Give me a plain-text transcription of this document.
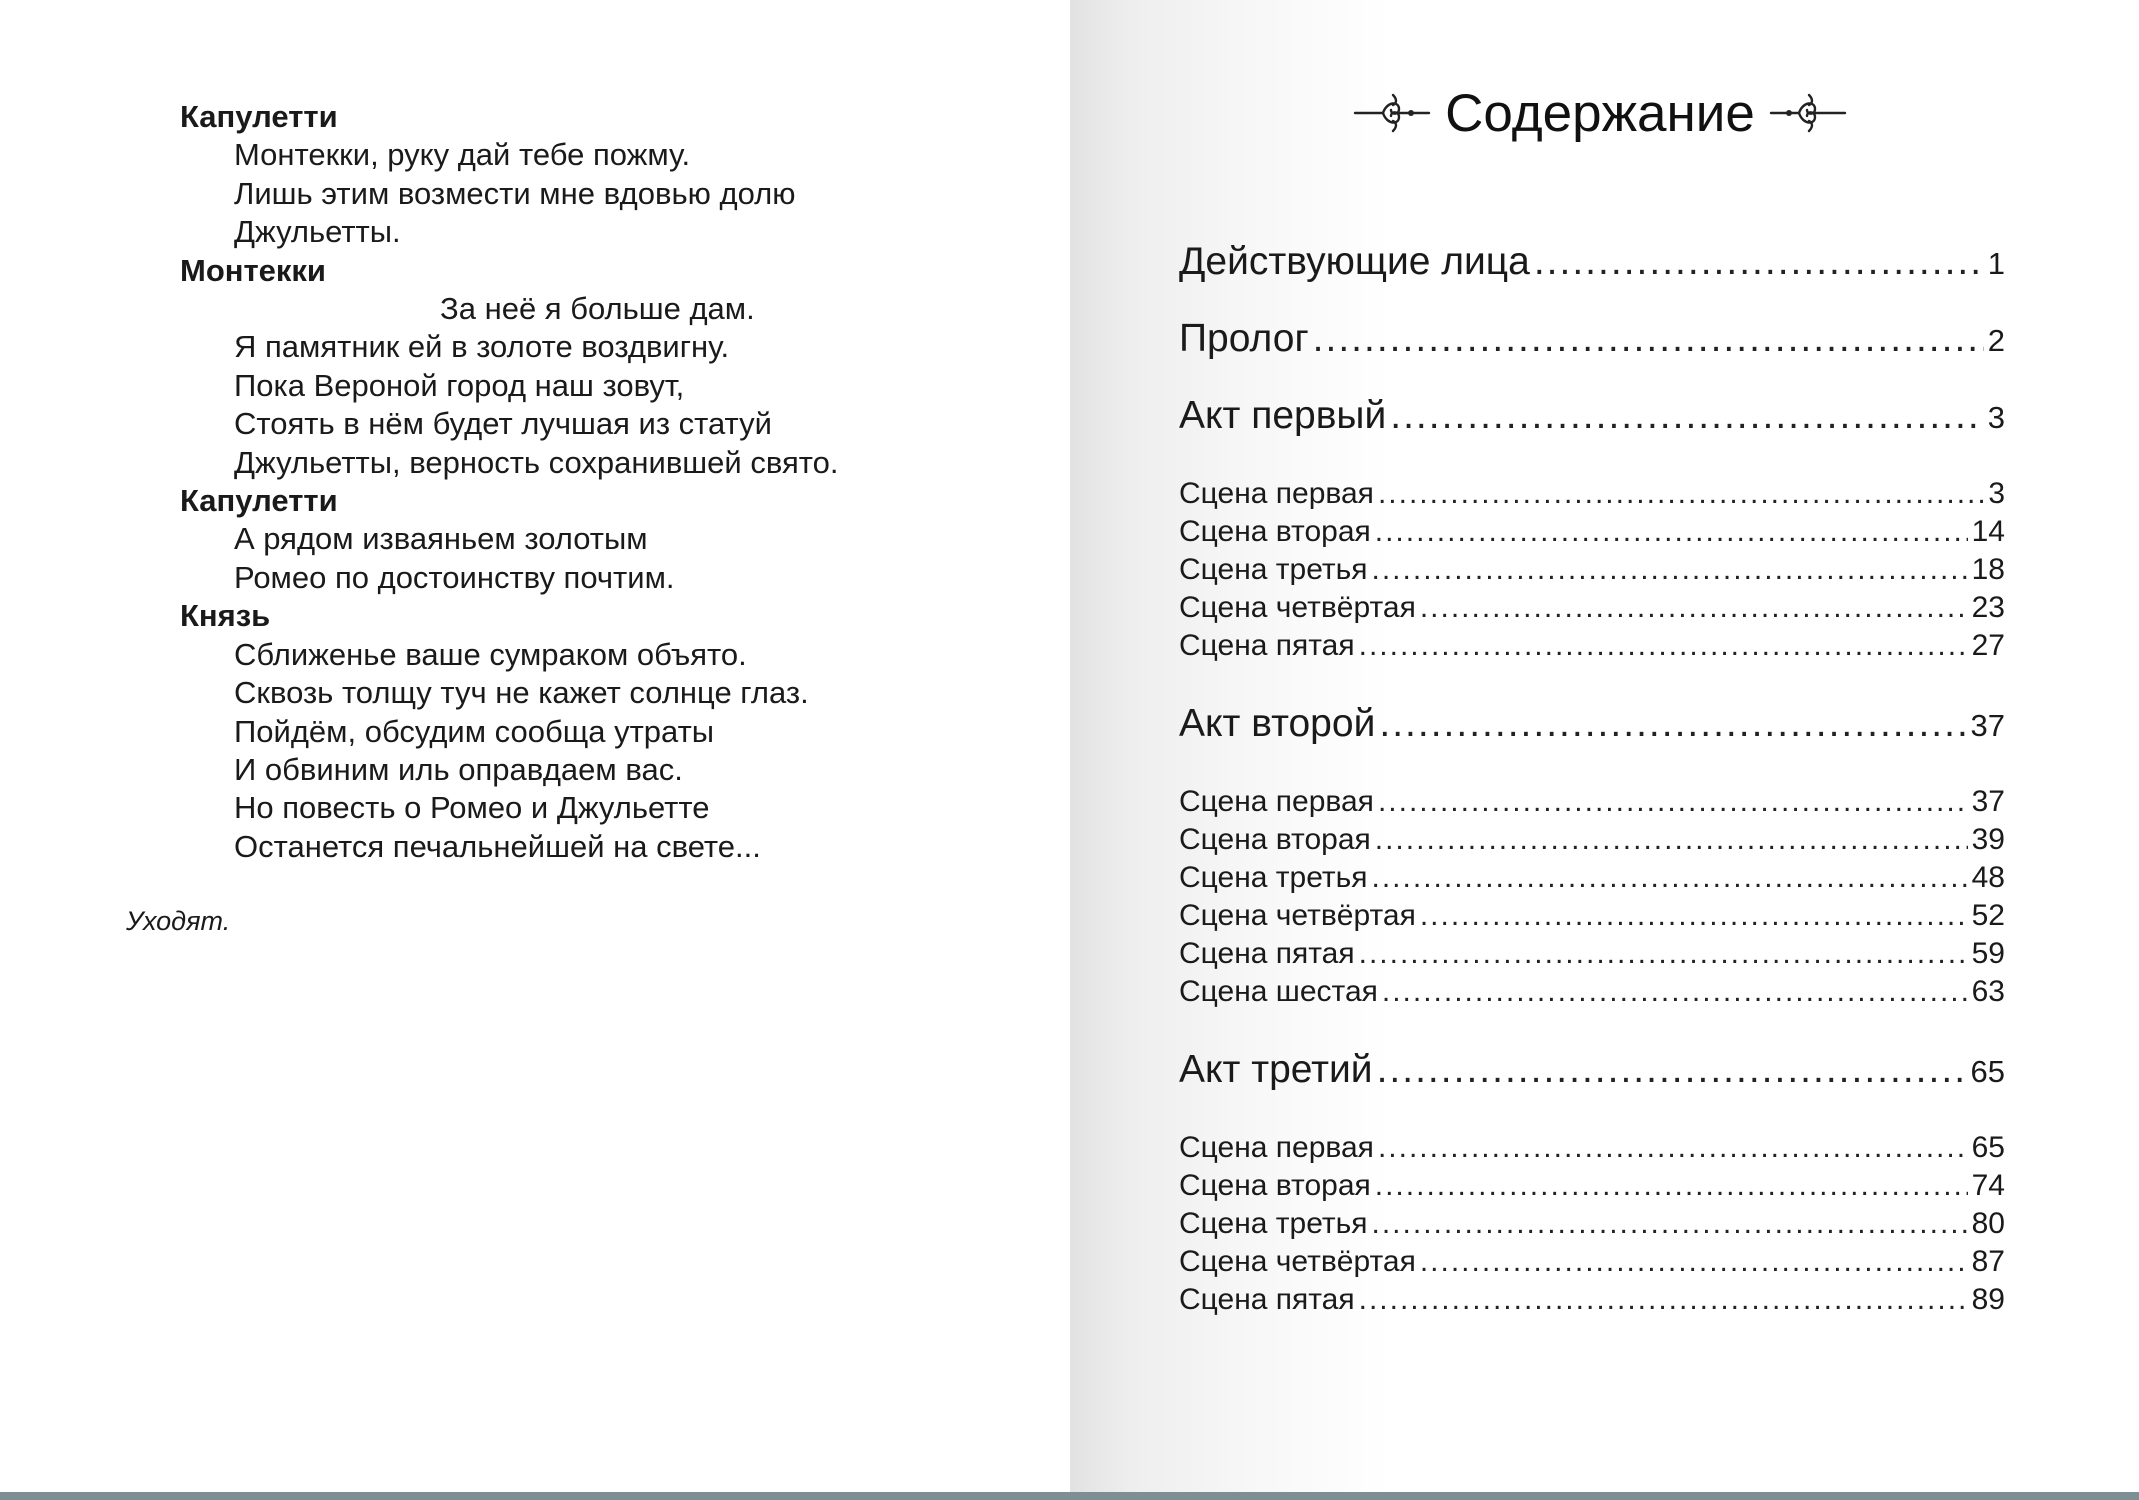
Капулетти
Монтекки, руку дай тебе пожму.
Лишь этим возмести мне вдовью долю
Джульетты.
Монтекки
За неё я больше дам.
Я памятник ей в золоте воздвигну.
Пока Вероной город наш зовут,
Стоять в нём будет лучшая из статуй
Джульетты, верность сохранившей свято.
Капулетти
А рядом изваяньем золотым
Ромео по достоинству почтим.
Князь
Сближенье ваше сумраком объято.
Сквозь толщу туч не кажет солнце глаз.
Пойдём, обсудим сообща утраты
И обвиним иль оправдаем вас.
Но повесть о Ромео и Джульетте
Останется печальнейшей на свете...
Уходят.
Содержание
Действующие лица .....	1
Пролог .....	2
Акт первый .....	3
Сцена первая .....	3
Сцена вторая .....	14
Сцена третья .....	18
Сцена четвёртая .....	23
Сцена пятая .....	27
Акт второй .....	37
Сцена первая .....	37
Сцена вторая .....	39
Сцена третья .....	48
Сцена четвёртая .....	52
Сцена пятая .....	59
Сцена шестая .....	63
Акт третий .....	65
Сцена первая .....	65
Сцена вторая .....	74
Сцена третья .....	80
Сцена четвёртая .....	87
Сцена пятая .....	89
